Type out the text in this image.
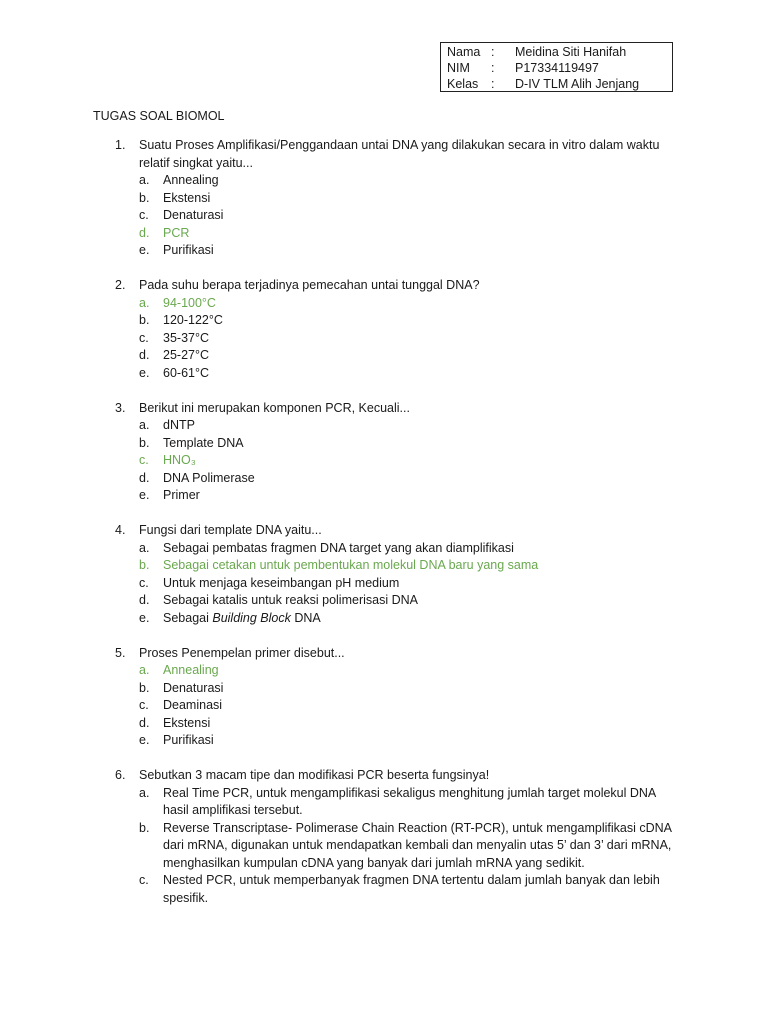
Nama :	Meidina Siti Hanifah
NIM	:	P17334119497
Kelas	:	D-IV TLM Alih Jenjang
TUGAS SOAL BIOMOL
1.	Suatu Proses Amplifikasi/Penggandaan untai DNA yang dilakukan secara in vitro dalam waktu relatif singkat yaitu...
a.	Annealing
b.	Ekstensi
c.	Denaturasi
d.	PCR
e.	Purifikasi
2.	Pada suhu berapa terjadinya pemecahan untai tunggal DNA?
a.	94-100°C
b.	120-122°C
c.	35-37°C
d.	25-27°C
e.	60-61°C
3.	Berikut ini merupakan komponen PCR, Kecuali...
a.	dNTP
b.	Template DNA
c.	HNO₃
d.	DNA Polimerase
e.	Primer
4.	Fungsi dari template DNA yaitu...
a.	Sebagai pembatas fragmen DNA target yang akan diamplifikasi
b.	Sebagai cetakan untuk pembentukan molekul DNA baru yang sama
c.	Untuk menjaga keseimbangan pH medium
d.	Sebagai katalis untuk reaksi polimerisasi DNA
e.	Sebagai Building Block DNA
5.	Proses Penempelan primer disebut...
a.	Annealing
b.	Denaturasi
c.	Deaminasi
d.	Ekstensi
e.	Purifikasi
6.	Sebutkan 3 macam tipe dan modifikasi PCR beserta fungsinya!
a.	Real Time PCR, untuk mengamplifikasi sekaligus menghitung jumlah target molekul DNA hasil amplifikasi tersebut.
b.	Reverse Transcriptase- Polimerase Chain Reaction (RT-PCR), untuk mengamplifikasi cDNA dari mRNA, digunakan untuk mendapatkan kembali dan menyalin utas 5’ dan 3’ dari mRNA, menghasilkan kumpulan cDNA yang banyak dari jumlah mRNA yang sedikit.
c.	Nested PCR, untuk memperbanyak fragmen DNA tertentu dalam jumlah banyak dan lebih spesifik.
